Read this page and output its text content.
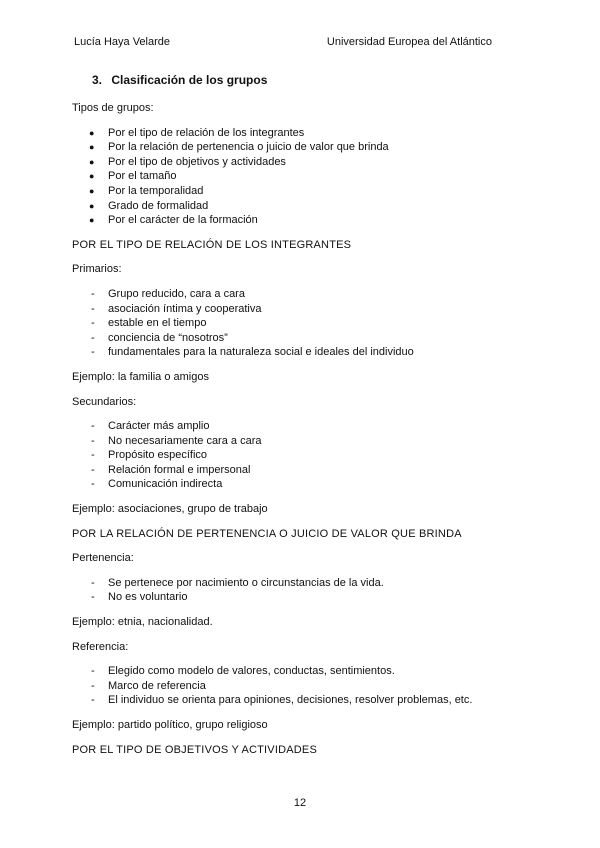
Lucía Haya Velarde	Universidad Europea del Atlántico
3. Clasificación de los grupos

Tipos de grupos:

● Por el tipo de relación de los integrantes
● Por la relación de pertenencia o juicio de valor que brinda
● Por el tipo de objetivos y actividades
● Por el tamaño
● Por la temporalidad
● Grado de formalidad
● Por el carácter de la formación

POR EL TIPO DE RELACIÓN DE LOS INTEGRANTES

Primarios:

- Grupo reducido, cara a cara
- asociación íntima y cooperativa
- estable en el tiempo
- conciencia de “nosotros”
- fundamentales para la naturaleza social e ideales del individuo

Ejemplo: la familia o amigos

Secundarios:

- Carácter más amplio
- No necesariamente cara a cara
- Propósito específico
- Relación formal e impersonal
- Comunicación indirecta

Ejemplo: asociaciones, grupo de trabajo

POR LA RELACIÓN DE PERTENENCIA O JUICIO DE VALOR QUE BRINDA

Pertenencia:

- Se pertenece por nacimiento o circunstancias de la vida.
- No es voluntario

Ejemplo: etnia, nacionalidad.

Referencia:

- Elegido como modelo de valores, conductas, sentimientos.
- Marco de referencia
- El individuo se orienta para opiniones, decisiones, resolver problemas, etc.

Ejemplo: partido político, grupo religioso

POR EL TIPO DE OBJETIVOS Y ACTIVIDADES

12
